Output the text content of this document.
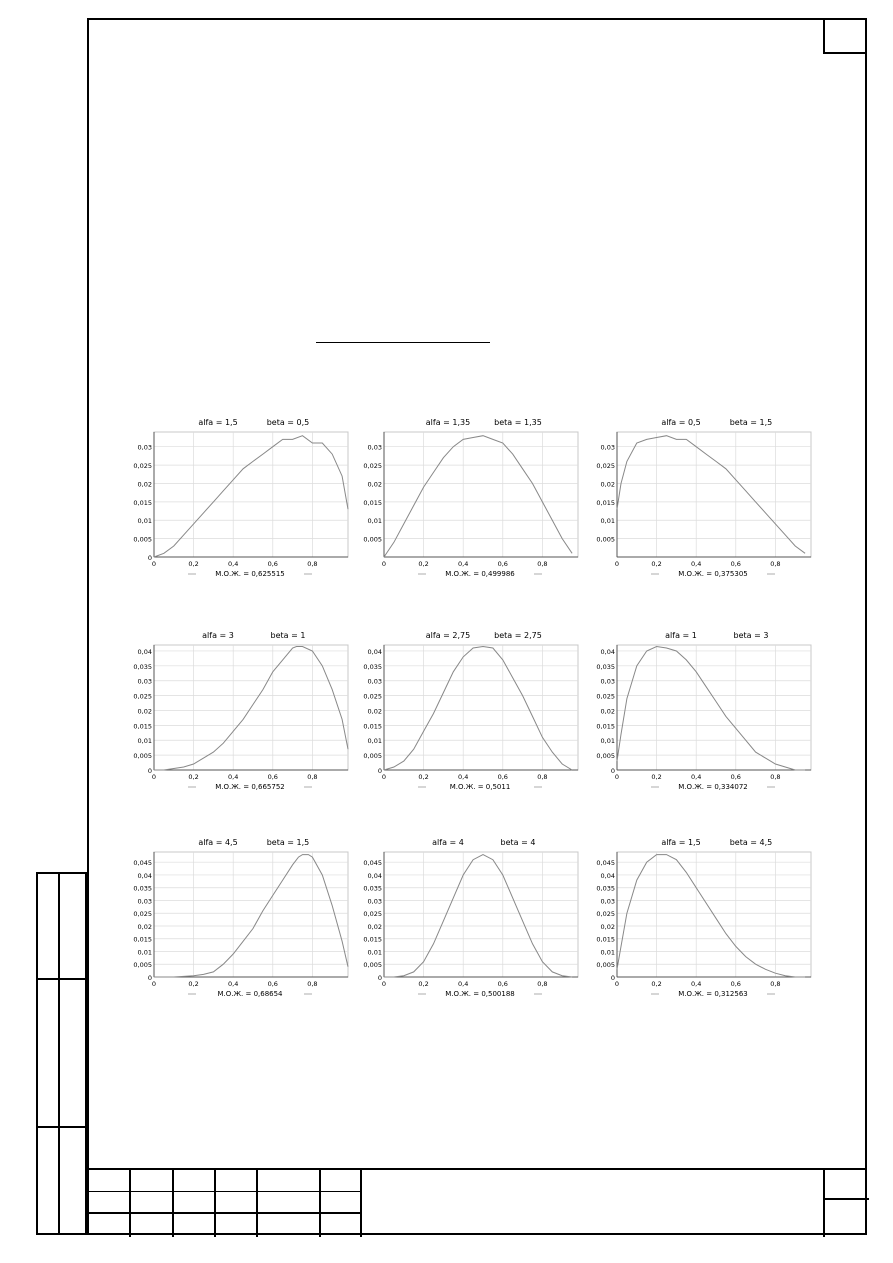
alfa = 1,5	beta = 0,5
0
0,005
0,01
0,015
0,02
0,025
0,03
0	0,2	0,4	0,6	0,8
М.О.Ж. = 0,625515
alfa = 1,35	beta = 1,35
0,005
0,01
0,015
0,02
0,025
0,03
0	0,2	0,4	0,6	0,8
М.О.Ж. = 0,499986
alfa = 0,5	beta = 1,5
0,005
0,01
0,015
0,02
0,025
0,03
0	0,2	0,4	0,6	0,8
М.О.Ж. = 0,375305
alfa = 3	beta = 1
0
0,005
0,01
0,015
0,02
0,025
0,03
0,035
0,04
0	0,2	0,4	0,6	0,8
М.О.Ж. = 0,665752
alfa = 2,75	beta = 2,75
0
0,005
0,01
0,015
0,02
0,025
0,03
0,035
0,04
0	0,2	0,4	0,6	0,8
М.О.Ж. = 0,5011
alfa = 1	beta = 3
0
0,005
0,01
0,015
0,02
0,025
0,03
0,035
0,04
0	0,2	0,4	0,6	0,8
М.О.Ж. = 0,334072
alfa = 4,5	beta = 1,5
0
0,005
0,01
0,015
0,02
0,025
0,03
0,035
0,04
0,045
0	0,2	0,4	0,6	0,8
М.О.Ж. = 0,68654
alfa = 4	beta = 4
0
0,005
0,01
0,015
0,02
0,025
0,03
0,035
0,04
0,045
0	0,2	0,4	0,6	0,8
М.О.Ж. = 0,500188
alfa = 1,5	beta = 4,5
0
0,005
0,01
0,015
0,02
0,025
0,03
0,035
0,04
0,045
0	0,2	0,4	0,6	0,8
М.О.Ж. = 0,312563
